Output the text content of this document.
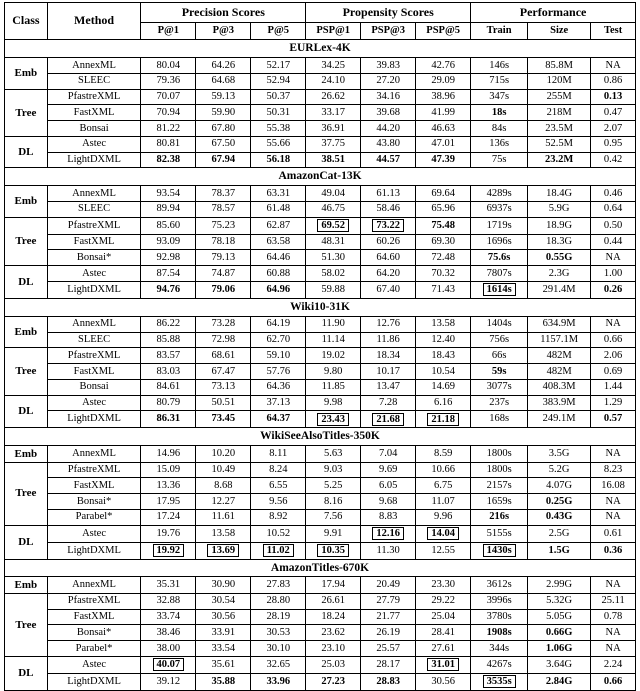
Class	Method	Precision Scores			Propensity Scores			Performance		
		P@1	P@3	P@5	PSP@1	PSP@3	PSP@5	Train	Size	Test
EURLex-4K										
Emb	AnnexML	80.04	64.26	52.17	34.25	39.83	42.76	146s	85.8M	NA
	SLEEC	79.36	64.68	52.94	24.10	27.20	29.09	715s	120M	0.86
Tree	PfastreXML	70.07	59.13	50.37	26.62	34.16	38.96	347s	255M	0.13
	FastXML	70.94	59.90	50.31	33.17	39.68	41.99	18s	218M	0.47
	Bonsai	81.22	67.80	55.38	36.91	44.20	46.63	84s	23.5M	2.07
DL	Astec	80.81	67.50	55.66	37.75	43.80	47.01	136s	52.5M	0.95
	LightDXML	82.38	67.94	56.18	38.51	44.57	47.39	75s	23.2M	0.42
AmazonCat-13K										
Emb	AnnexML	93.54	78.37	63.31	49.04	61.13	69.64	4289s	18.4G	0.46
	SLEEC	89.94	78.57	61.48	46.75	58.46	65.96	6937s	5.9G	0.64
Tree	PfastreXML	85.60	75.23	62.87	69.52	73.22	75.48	1719s	18.9G	0.50
	FastXML	93.09	78.18	63.58	48.31	60.26	69.30	1696s	18.3G	0.44
	Bonsai*	92.98	79.13	64.46	51.30	64.60	72.48	75.6s	0.55G	NA
DL	Astec	87.54	74.87	60.88	58.02	64.20	70.32	7807s	2.3G	1.00
	LightDXML	94.76	79.06	64.96	59.88	67.40	71.43	1614s	291.4M	0.26
Wiki10-31K										
Emb	AnnexML	86.22	73.28	64.19	11.90	12.76	13.58	1404s	634.9M	NA
	SLEEC	85.88	72.98	62.70	11.14	11.86	12.40	756s	1157.1M	0.66
Tree	PfastreXML	83.57	68.61	59.10	19.02	18.34	18.43	66s	482M	2.06
	FastXML	83.03	67.47	57.76	9.80	10.17	10.54	59s	482M	0.69
	Bonsai	84.61	73.13	64.36	11.85	13.47	14.69	3077s	408.3M	1.44
DL	Astec	80.79	50.51	37.13	9.98	7.28	6.16	237s	383.9M	1.29
	LightDXML	86.31	73.45	64.37	23.43	21.68	21.18	168s	249.1M	0.57
WikiSeeAlsoTitles-350K										
Emb	AnnexML	14.96	10.20	8.11	5.63	7.04	8.59	1800s	3.5G	NA
Tree	PfastreXML	15.09	10.49	8.24	9.03	9.69	10.66	1800s	5.2G	8.23
	FastXML	13.36	8.68	6.55	5.25	6.05	6.75	2157s	4.07G	16.08
	Bonsai*	17.95	12.27	9.56	8.16	9.68	11.07	1659s	0.25G	NA
	Parabel*	17.24	11.61	8.92	7.56	8.83	9.96	216s	0.43G	NA
DL	Astec	19.76	13.58	10.52	9.91	12.16	14.04	5155s	2.5G	0.61
	LightDXML	19.92	13.69	11.02	10.35	11.30	12.55	1430s	1.5G	0.36
AmazonTitles-670K										
Emb	AnnexML	35.31	30.90	27.83	17.94	20.49	23.30	3612s	2.99G	NA
Tree	PfastreXML	32.88	30.54	28.80	26.61	27.79	29.22	3996s	5.32G	25.11
	FastXML	33.74	30.56	28.19	18.24	21.77	25.04	3780s	5.05G	0.78
	Bonsai*	38.46	33.91	30.53	23.62	26.19	28.41	1908s	0.66G	NA
	Parabel*	38.00	33.54	30.10	23.10	25.57	27.61	344s	1.06G	NA
DL	Astec	40.07	35.61	32.65	25.03	28.17	31.01	4267s	3.64G	2.24
	LightDXML	39.12	35.88	33.96	27.23	28.83	30.56	3535s	2.84G	0.66
